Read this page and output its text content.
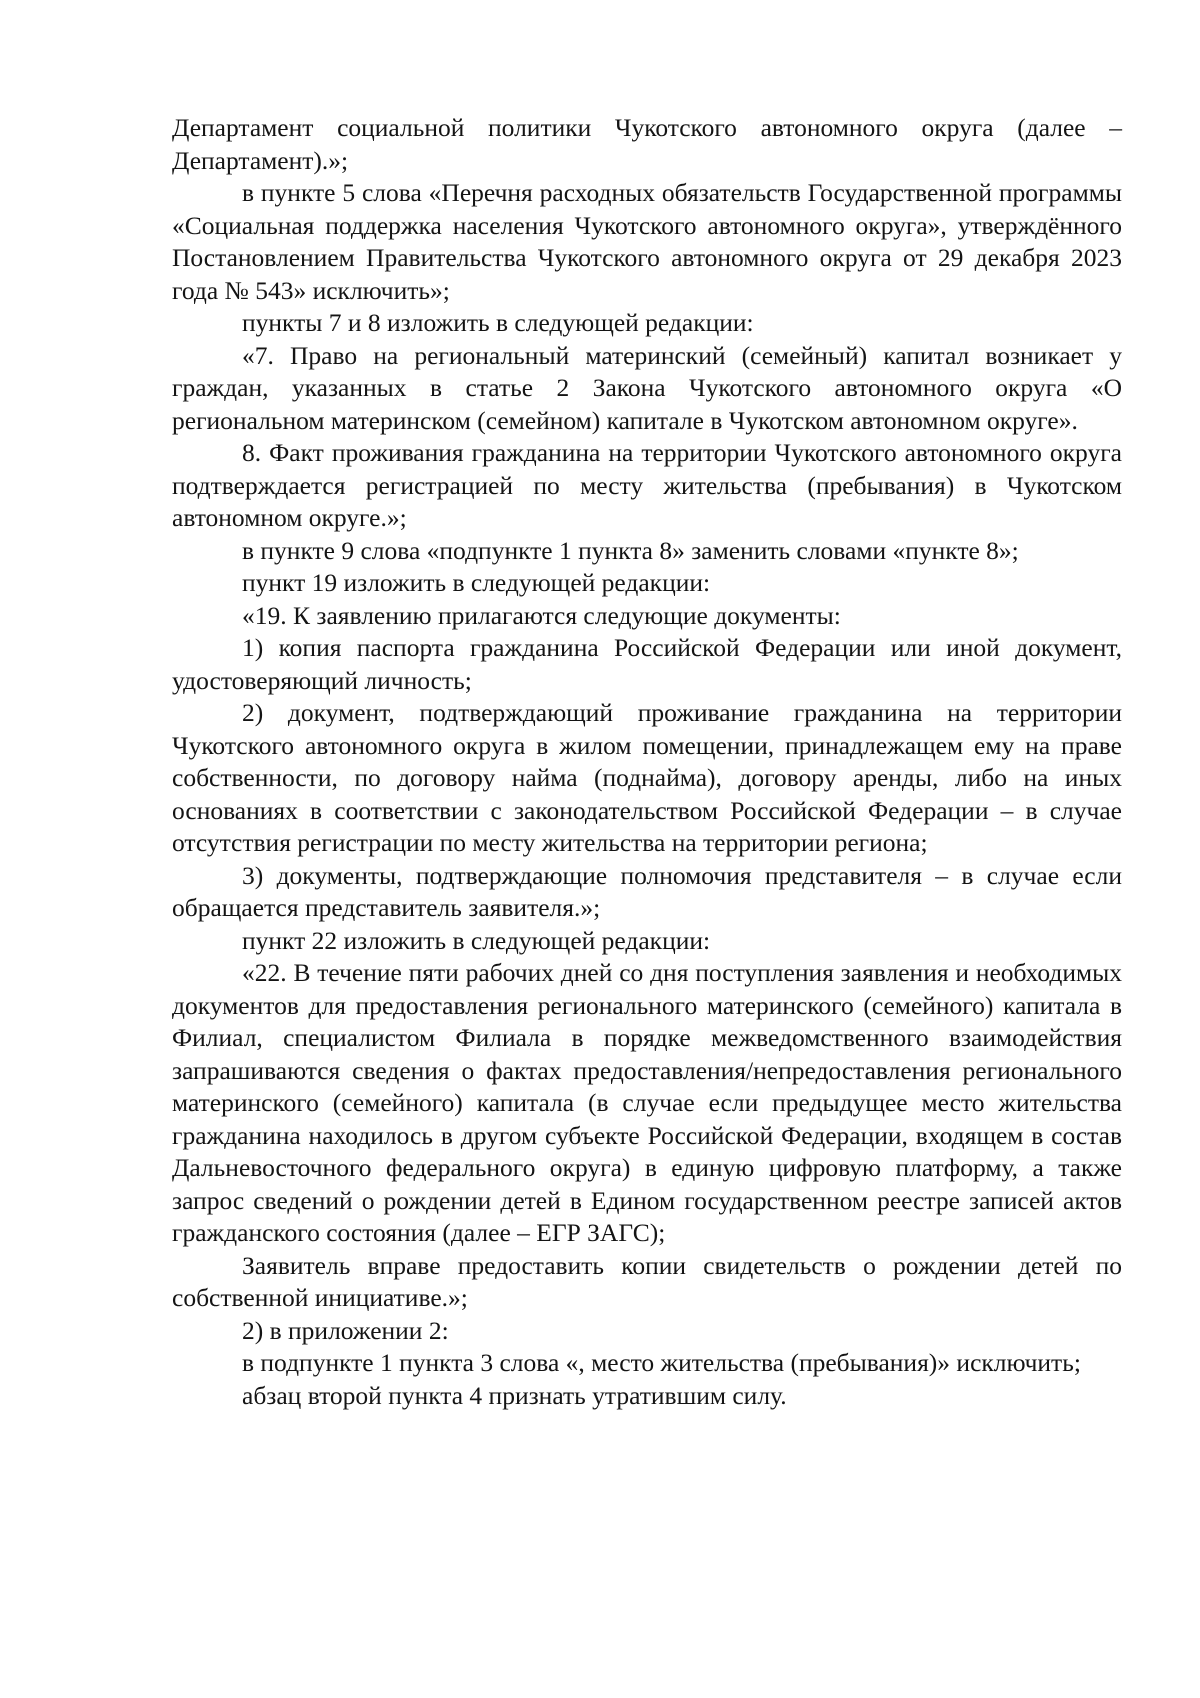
Департамент социальной политики Чукотского автономного округа (далее – Департамент).»;

в пункте 5 слова «Перечня расходных обязательств Государственной программы «Социальная поддержка населения Чукотского автономного округа», утверждённого Постановлением Правительства Чукотского автономного округа от 29 декабря 2023 года № 543» исключить»;

пункты 7 и 8 изложить в следующей редакции:

«7. Право на региональный материнский (семейный) капитал возникает у граждан, указанных в статье 2 Закона Чукотского автономного округа «О региональном материнском (семейном) капитале в Чукотском автономном округе».

8. Факт проживания гражданина на территории Чукотского автономного округа подтверждается регистрацией по месту жительства (пребывания) в Чукотском автономном округе.»;

в пункте 9 слова «подпункте 1 пункта 8» заменить словами «пункте 8»;

пункт 19 изложить в следующей редакции:

«19. К заявлению прилагаются следующие документы:

1) копия паспорта гражданина Российской Федерации или иной документ, удостоверяющий личность;

2) документ, подтверждающий проживание гражданина на территории Чукотского автономного округа в жилом помещении, принадлежащем ему на праве собственности, по договору найма (поднайма), договору аренды, либо на иных основаниях в соответствии с законодательством Российской Федерации – в случае отсутствия регистрации по месту жительства на территории региона;

3) документы, подтверждающие полномочия представителя – в случае если обращается представитель заявителя.»;

пункт 22 изложить в следующей редакции:

«22. В течение пяти рабочих дней со дня поступления заявления и необходимых документов для предоставления регионального материнского (семейного) капитала в Филиал, специалистом Филиала в порядке межведомственного взаимодействия запрашиваются сведения о фактах предоставления/непредоставления регионального материнского (семейного) капитала (в случае если предыдущее место жительства гражданина находилось в другом субъекте Российской Федерации, входящем в состав Дальневосточного федерального округа) в единую цифровую платформу, а также запрос сведений о рождении детей в Едином государственном реестре записей актов гражданского состояния (далее – ЕГР ЗАГС);

Заявитель вправе предоставить копии свидетельств о рождении детей по собственной инициативе.»;

2) в приложении 2:

в подпункте 1 пункта 3 слова «, место жительства (пребывания)» исключить;

абзац второй пункта 4 признать утратившим силу.
